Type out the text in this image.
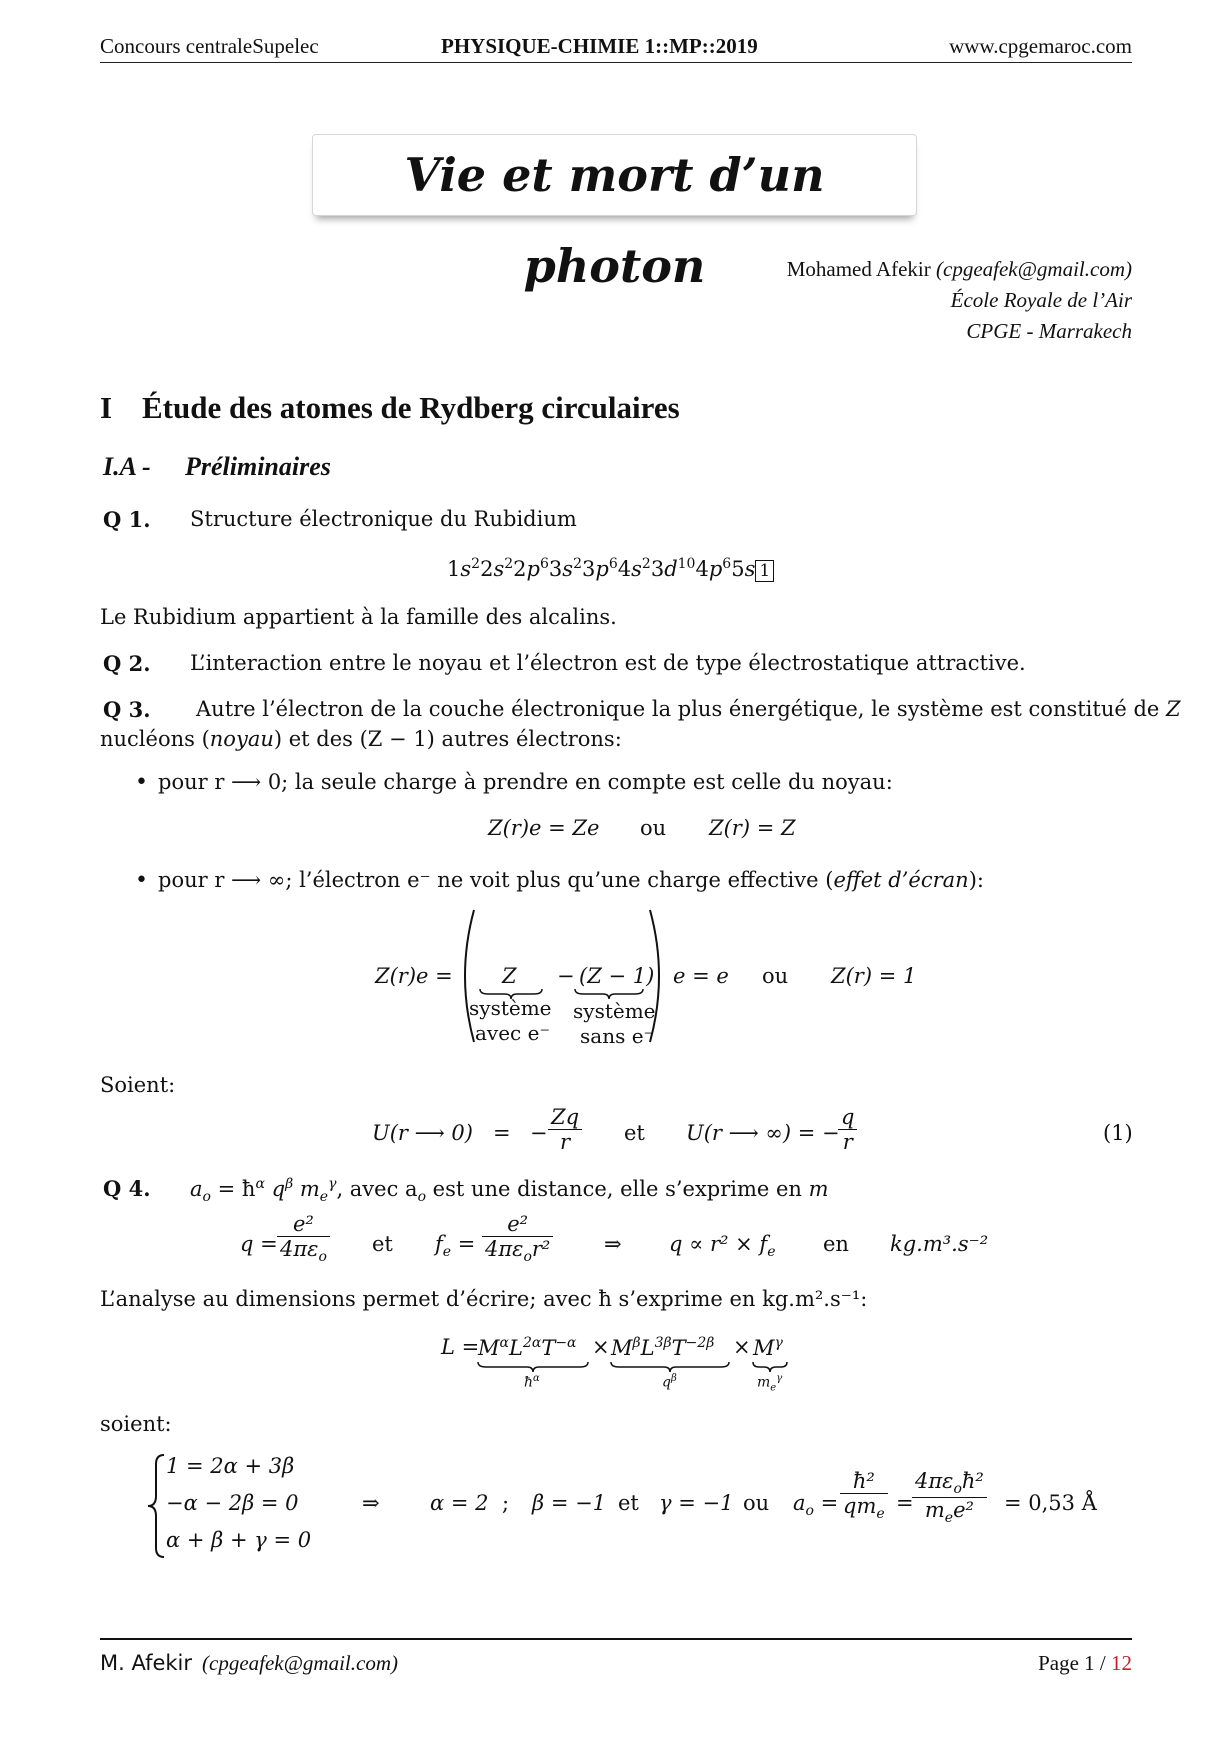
Concours centraleSupelec	PHYSIQUE-CHIMIE 1::MP::2019	www.cpgemaroc.com
Vie et mort d’un photon	Mohamed Afekir (cpgeafek@gmail.com)
École Royale de l’Air
CPGE - Marrakech
I Étude des atomes de Rydberg circulaires
I.A - Préliminaires
Q 1. Structure électronique du Rubidium
$1s^22s^22p^63s^23p^64s^23d^{10}4p^65s$ 1
Le Rubidium appartient à la famille des alcalins.
Q 2. L’interaction entre le noyau et l’électron est de type électrostatique attractive.
Q 3. Autre l’électron de la couche électronique la plus énergétique, le système est constitué de Z
nucléons (noyau) et des (Z − 1) autres électrons:
• pour r ⟶ 0; la seule charge à prendre en compte est celle du noyau:
Z(r)e = Ze ou Z(r) = Z
• pour r ⟶ ∞; l’électron e⁻ ne voit plus qu’une charge effective (effet d’écran):
Z(r)e = Z
système
avec e⁻
− (Z − 1)
système
sans e⁻
e = e ou Z(r) = 1
Soient:
U(r ⟶ 0) = − $\frac{Zq}{r}$ et U(r ⟶ ∞) = −
$\frac{q}{r}$	(1)
Q 4. $a_o$ = $ħ^\alpha$ $q^\beta$ $m_e^\gamma$, avec $a_o$ est une distance, elle s’exprime en m
$q = \frac{\text{e²}}{4\pi\varepsilon_o}$ et $f_e = \frac{\text{e²}}{4\pi\varepsilon_or^2}$ ⇒ $q \propto r^2 \times f_e$ en kg.m³.s⁻²
L’analyse au dimensions permet d’écrire; avec ħ s’exprime en kg.m².s⁻¹:
L =
$M^\alpha L^{2\alpha}T^{-\alpha}$
$ħ^\alpha$
× $M^\beta L^{3\beta}T^{-2\beta}$
$q^\beta$
× $M^\gamma$
$m_e^\gamma$
soient:
1 = 2α + 3β
−α − 2β = 0
α + β + γ = 0
⇒ α = 2 ; β = −1 et γ = −1 ou $a_o = \frac{\text{ħ²}}{qm_e}$ =
$\frac{4\pi\varepsilon_oħ^2}{m_ee^2} = 0,53$ Å
M. Afekir (cpgeafek@gmail.com)	Page 1 / 12
